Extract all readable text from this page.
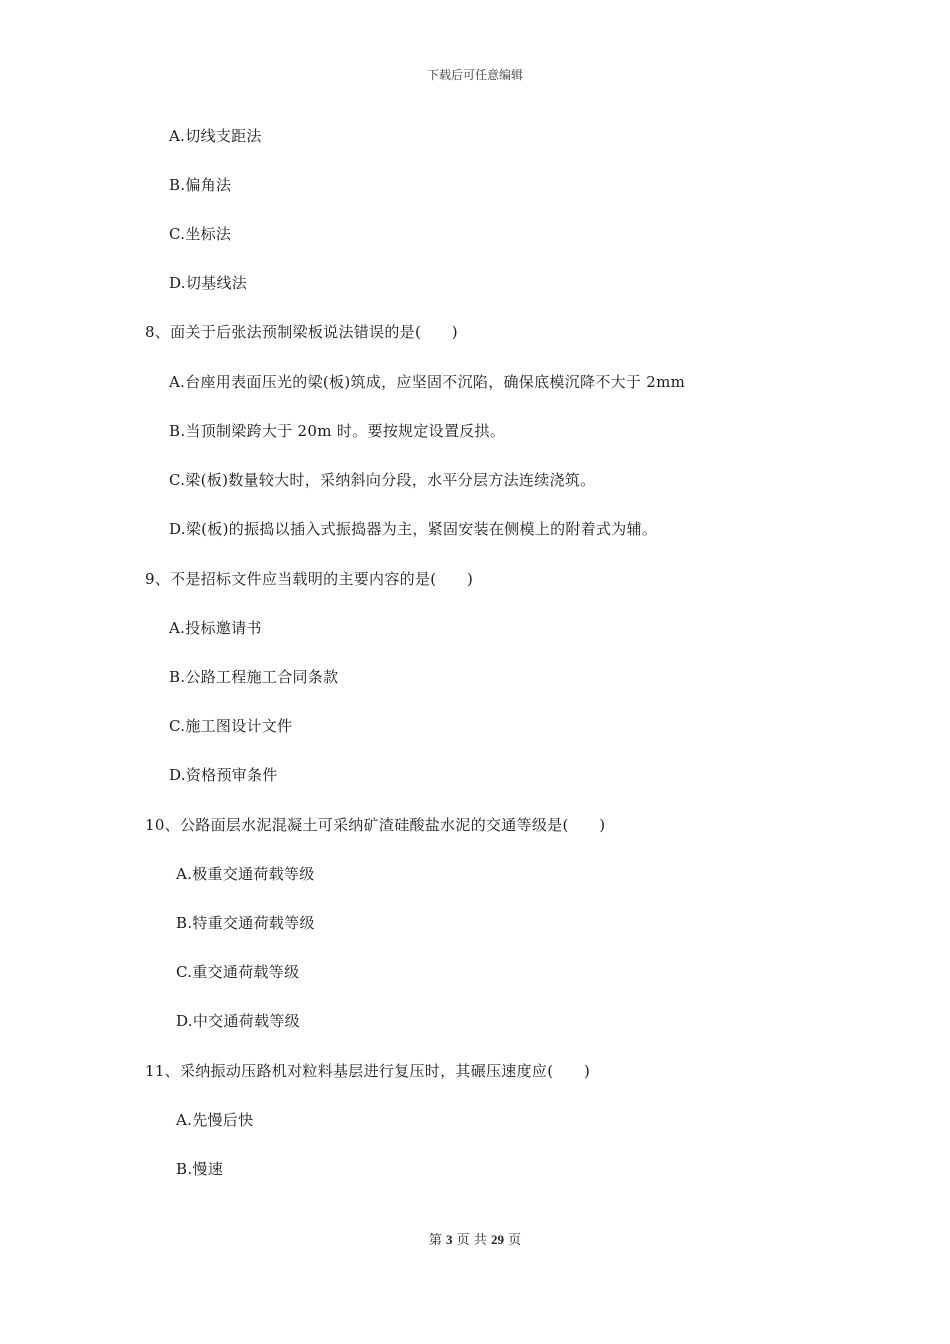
下载后可任意编辑
A.切线支距法
B.偏角法
C.坐标法
D.切基线法
8、面关于后张法预制梁板说法错误的是(　　)
A.台座用表面压光的梁(板)筑成，应坚固不沉陷，确保底模沉降不大于 2mm
B.当顶制梁跨大于 20m 时。要按规定设置反拱。
C.梁(板)数量较大时，采纳斜向分段，水平分层方法连续浇筑。
D.梁(板)的振捣以插入式振捣器为主，紧固安装在侧模上的附着式为辅。
9、不是招标文件应当载明的主要内容的是(　　)
A.投标邀请书
B.公路工程施工合同条款
C.施工图设计文件
D.资格预审条件
10、公路面层水泥混凝土可采纳矿渣硅酸盐水泥的交通等级是(　　)
A.极重交通荷载等级
B.特重交通荷载等级
C.重交通荷载等级
D.中交通荷载等级
11、采纳振动压路机对粒料基层进行复压时，其碾压速度应(　　)
A.先慢后快
B.慢速
第 3 页 共 29 页
